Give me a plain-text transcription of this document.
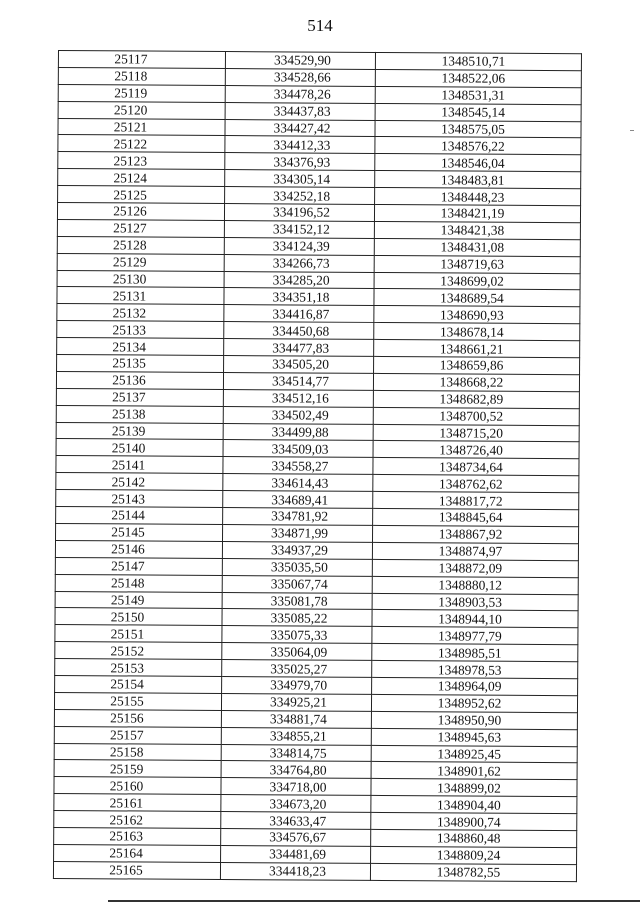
514
25117	334529,90	1348510,71
25118	334528,66	1348522,06
25119	334478,26	1348531,31
25120	334437,83	1348545,14
25121	334427,42	1348575,05
25122	334412,33	1348576,22
25123	334376,93	1348546,04
25124	334305,14	1348483,81
25125	334252,18	1348448,23
25126	334196,52	1348421,19
25127	334152,12	1348421,38
25128	334124,39	1348431,08
25129	334266,73	1348719,63
25130	334285,20	1348699,02
25131	334351,18	1348689,54
25132	334416,87	1348690,93
25133	334450,68	1348678,14
25134	334477,83	1348661,21
25135	334505,20	1348659,86
25136	334514,77	1348668,22
25137	334512,16	1348682,89
25138	334502,49	1348700,52
25139	334499,88	1348715,20
25140	334509,03	1348726,40
25141	334558,27	1348734,64
25142	334614,43	1348762,62
25143	334689,41	1348817,72
25144	334781,92	1348845,64
25145	334871,99	1348867,92
25146	334937,29	1348874,97
25147	335035,50	1348872,09
25148	335067,74	1348880,12
25149	335081,78	1348903,53
25150	335085,22	1348944,10
25151	335075,33	1348977,79
25152	335064,09	1348985,51
25153	335025,27	1348978,53
25154	334979,70	1348964,09
25155	334925,21	1348952,62
25156	334881,74	1348950,90
25157	334855,21	1348945,63
25158	334814,75	1348925,45
25159	334764,80	1348901,62
25160	334718,00	1348899,02
25161	334673,20	1348904,40
25162	334633,47	1348900,74
25163	334576,67	1348860,48
25164	334481,69	1348809,24
25165	334418,23	1348782,55
